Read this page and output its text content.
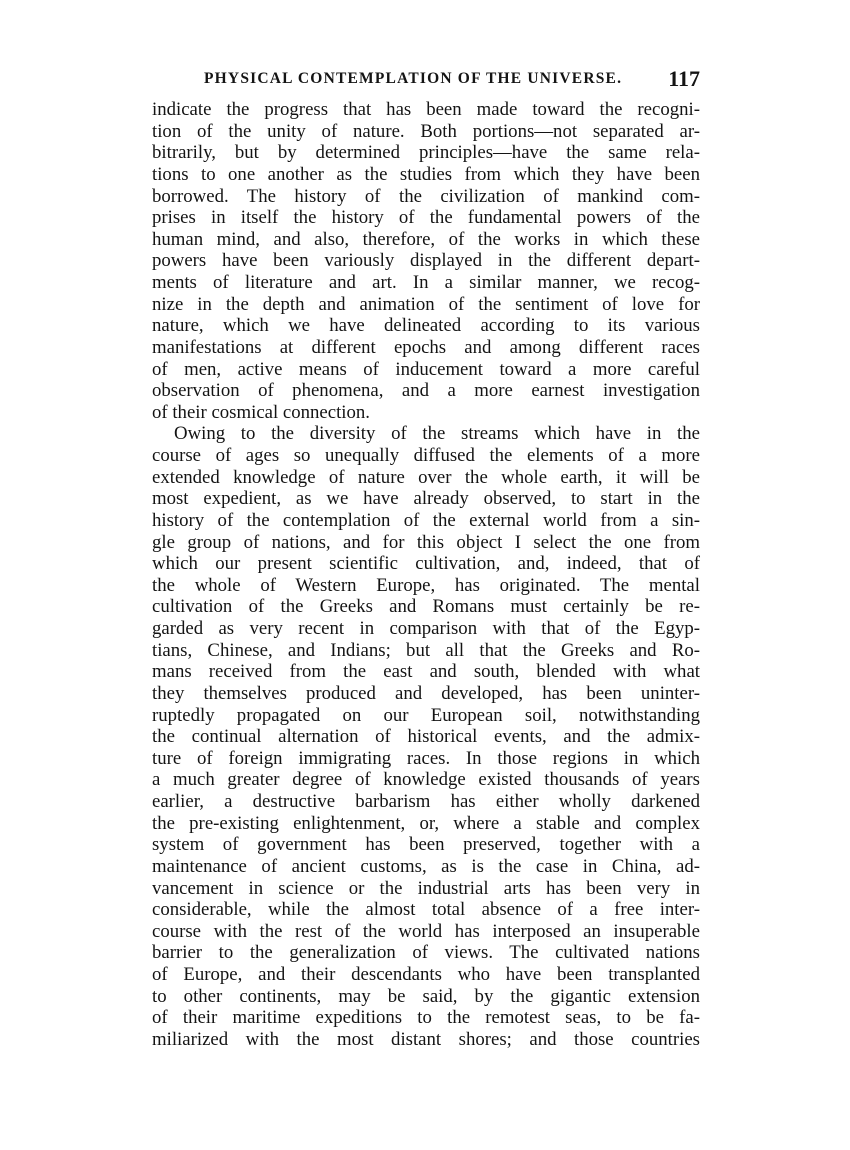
PHYSICAL CONTEMPLATION OF THE UNIVERSE. 117
indicate the progress that has been made toward the recogni-
tion of the unity of nature. Both portions—not separated ar-
bitrarily, but by determined principles—have the same rela-
tions to one another as the studies from which they have been
borrowed. The history of the civilization of mankind com-
prises in itself the history of the fundamental powers of the
human mind, and also, therefore, of the works in which these
powers have been variously displayed in the different depart-
ments of literature and art. In a similar manner, we recog-
nize in the depth and animation of the sentiment of love for
nature, which we have delineated according to its various
manifestations at different epochs and among different races
of men, active means of inducement toward a more careful
observation of phenomena, and a more earnest investigation
of their cosmical connection.
Owing to the diversity of the streams which have in the
course of ages so unequally diffused the elements of a more
extended knowledge of nature over the whole earth, it will be
most expedient, as we have already observed, to start in the
history of the contemplation of the external world from a sin-
gle group of nations, and for this object I select the one from
which our present scientific cultivation, and, indeed, that of
the whole of Western Europe, has originated. The mental
cultivation of the Greeks and Romans must certainly be re-
garded as very recent in comparison with that of the Egyp-
tians, Chinese, and Indians; but all that the Greeks and Ro-
mans received from the east and south, blended with what
they themselves produced and developed, has been uninter-
ruptedly propagated on our European soil, notwithstanding
the continual alternation of historical events, and the admix-
ture of foreign immigrating races. In those regions in which
a much greater degree of knowledge existed thousands of years
earlier, a destructive barbarism has either wholly darkened
the pre-existing enlightenment, or, where a stable and complex
system of government has been preserved, together with a
maintenance of ancient customs, as is the case in China, ad-
vancement in science or the industrial arts has been very in
considerable, while the almost total absence of a free inter-
course with the rest of the world has interposed an insuperable
barrier to the generalization of views. The cultivated nations
of Europe, and their descendants who have been transplanted
to other continents, may be said, by the gigantic extension
of their maritime expeditions to the remotest seas, to be fa-
miliarized with the most distant shores; and those countries
